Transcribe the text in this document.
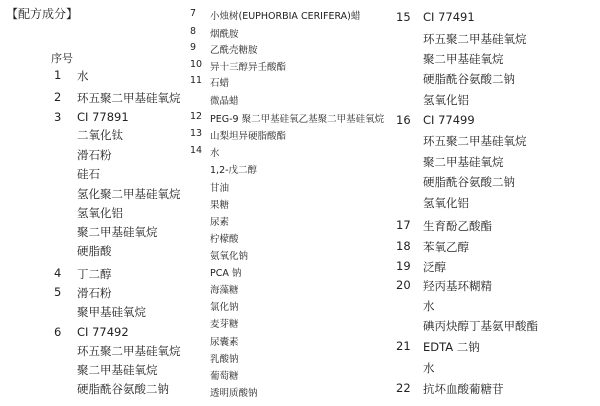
【配方成分】
序号
1 水
2 环五聚二甲基硅氧烷
3 CI 77891
二氧化钛
滑石粉
硅石
氢化聚二甲基硅氧烷
氢氧化铝
聚二甲基硅氧烷
硬脂酸
4 丁二醇
5 滑石粉
聚甲基硅氧烷
6 CI 77492
环五聚二甲基硅氧烷
聚二甲基硅氧烷
硬脂酰谷氨酸二钠
7 小烛树(EUPHORBIA CERIFERA)蜡
8 烟酰胺
9 乙酰壳糖胺
10 异十三醇异壬酸酯
11 石蜡
微晶蜡
12 PEG-9 聚二甲基硅氧乙基聚二甲基硅氧烷
13 山梨坦异硬脂酸酯
14 水
1,2-戊二醇
甘油
果糖
尿素
柠檬酸
氨氧化钠
PCA 钠
海藻糖
氯化钠
麦芽糖
尿囊素
乳酸钠
葡萄糖
透明质酸钠
15 CI 77491
环五聚二甲基硅氧烷
聚二甲基硅氧烷
硬脂酰谷氨酸二钠
氢氧化铝
16 CI 77499
环五聚二甲基硅氧烷
聚二甲基硅氧烷
硬脂酰谷氨酸二钠
氢氧化铝
17 生育酚乙酸酯
18 苯氧乙醇
19 泛醇
20 羟丙基环糊精
水
碘丙炔醇丁基氨甲酸酯
21 EDTA 二钠
水
22 抗坏血酸葡糖苷
